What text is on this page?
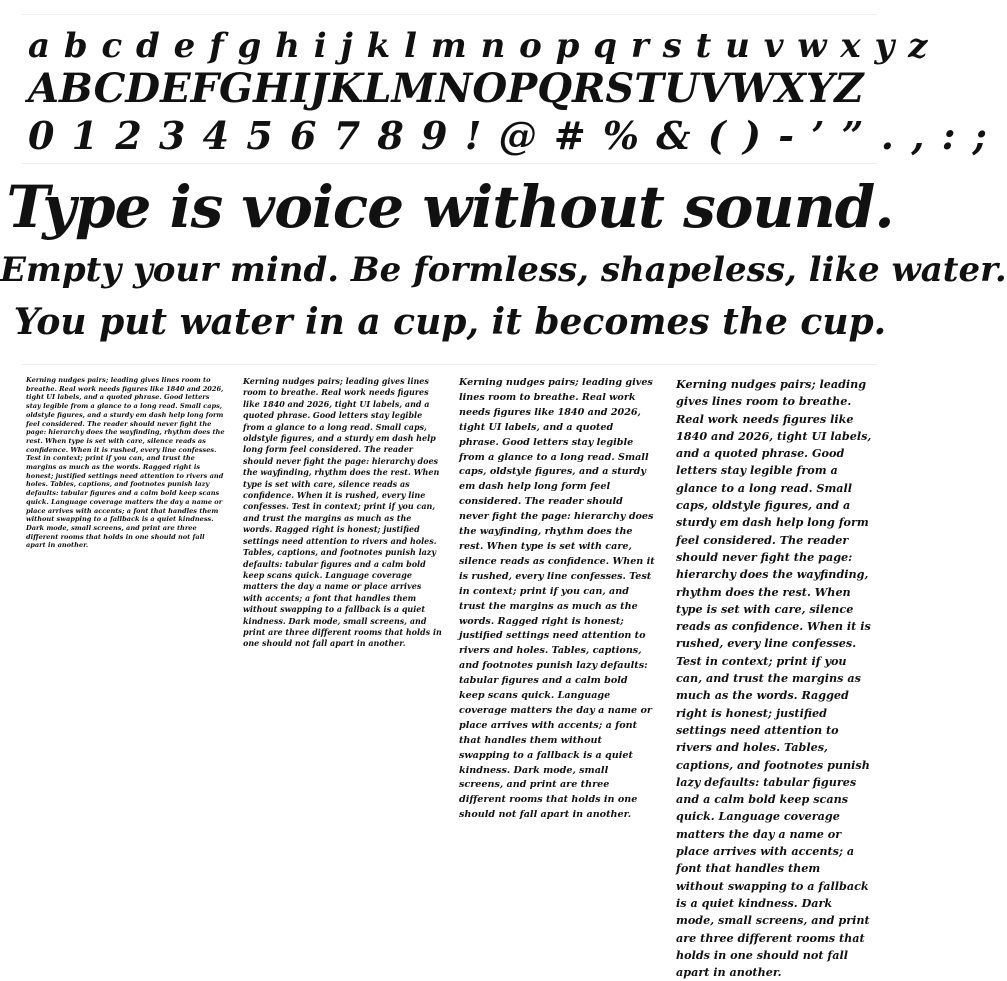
a b c d e f g h i j k l m n o p q r s t u v w x y z
ABCDEFGHIJKLMNOPQRSTUVWXYZ
0 1 2 3 4 5 6 7 8 9 ! @ # % & ( ) - ’ ” . , : ;
Type is voice without sound.
Empty your mind. Be formless, shapeless, like water.
You put water in a cup, it becomes the cup.
Kerning nudges pairs; leading gives lines room to breathe. Real work needs figures like 1840 and 2026, tight UI labels, and a quoted phrase. Good letters stay legible from a glance to a long read. Small caps, oldstyle figures, and a sturdy em dash help long form feel considered. The reader should never fight the page: hierarchy does the wayfinding, rhythm does the rest. When type is set with care, silence reads as confidence. When it is rushed, every line confesses. Test in context; print if you can, and trust the margins as much as the words. Ragged right is honest; justified settings need attention to rivers and holes. Tables, captions, and footnotes punish lazy defaults: tabular figures and a calm bold keep scans quick. Language coverage matters the day a name or place arrives with accents; a font that handles them without swapping to a fallback is a quiet kindness. Dark mode, small screens, and print are three different rooms that holds in one should not fall apart in another.
Kerning nudges pairs; leading gives lines room to breathe. Real work needs figures like 1840 and 2026, tight UI labels, and a quoted phrase. Good letters stay legible from a glance to a long read. Small caps, oldstyle figures, and a sturdy em dash help long form feel considered. The reader should never fight the page: hierarchy does the wayfinding, rhythm does the rest. When type is set with care, silence reads as confidence. When it is rushed, every line confesses. Test in context; print if you can, and trust the margins as much as the words. Ragged right is honest; justified settings need attention to rivers and holes. Tables, captions, and footnotes punish lazy defaults: tabular figures and a calm bold keep scans quick. Language coverage matters the day a name or place arrives with accents; a font that handles them without swapping to a fallback is a quiet kindness. Dark mode, small screens, and print are three different rooms that holds in one should not fall apart in another.
Kerning nudges pairs; leading gives lines room to breathe. Real work needs figures like 1840 and 2026, tight UI labels, and a quoted phrase. Good letters stay legible from a glance to a long read. Small caps, oldstyle figures, and a sturdy em dash help long form feel considered. The reader should never fight the page: hierarchy does the wayfinding, rhythm does the rest. When type is set with care, silence reads as confidence. When it is rushed, every line confesses. Test in context; print if you can, and trust the margins as much as the words. Ragged right is honest; justified settings need attention to rivers and holes. Tables, captions, and footnotes punish lazy defaults: tabular figures and a calm bold keep scans quick. Language coverage matters the day a name or place arrives with accents; a font that handles them without swapping to a fallback is a quiet kindness. Dark mode, small screens, and print are three different rooms that holds in one should not fall apart in another.
Kerning nudges pairs; leading gives lines room to breathe. Real work needs figures like 1840 and 2026, tight UI labels, and a quoted phrase. Good letters stay legible from a glance to a long read. Small caps, oldstyle figures, and a sturdy em dash help long form feel considered. The reader should never fight the page: hierarchy does the wayfinding, rhythm does the rest. When type is set with care, silence reads as confidence. When it is rushed, every line confesses. Test in context; print if you can, and trust the margins as much as the words. Ragged right is honest; justified settings need attention to rivers and holes. Tables, captions, and footnotes punish lazy defaults: tabular figures and a calm bold keep scans quick. Language coverage matters the day a name or place arrives with accents; a font that handles them without swapping to a fallback is a quiet kindness. Dark mode, small screens, and print are three different rooms that holds in one should not fall apart in another.
